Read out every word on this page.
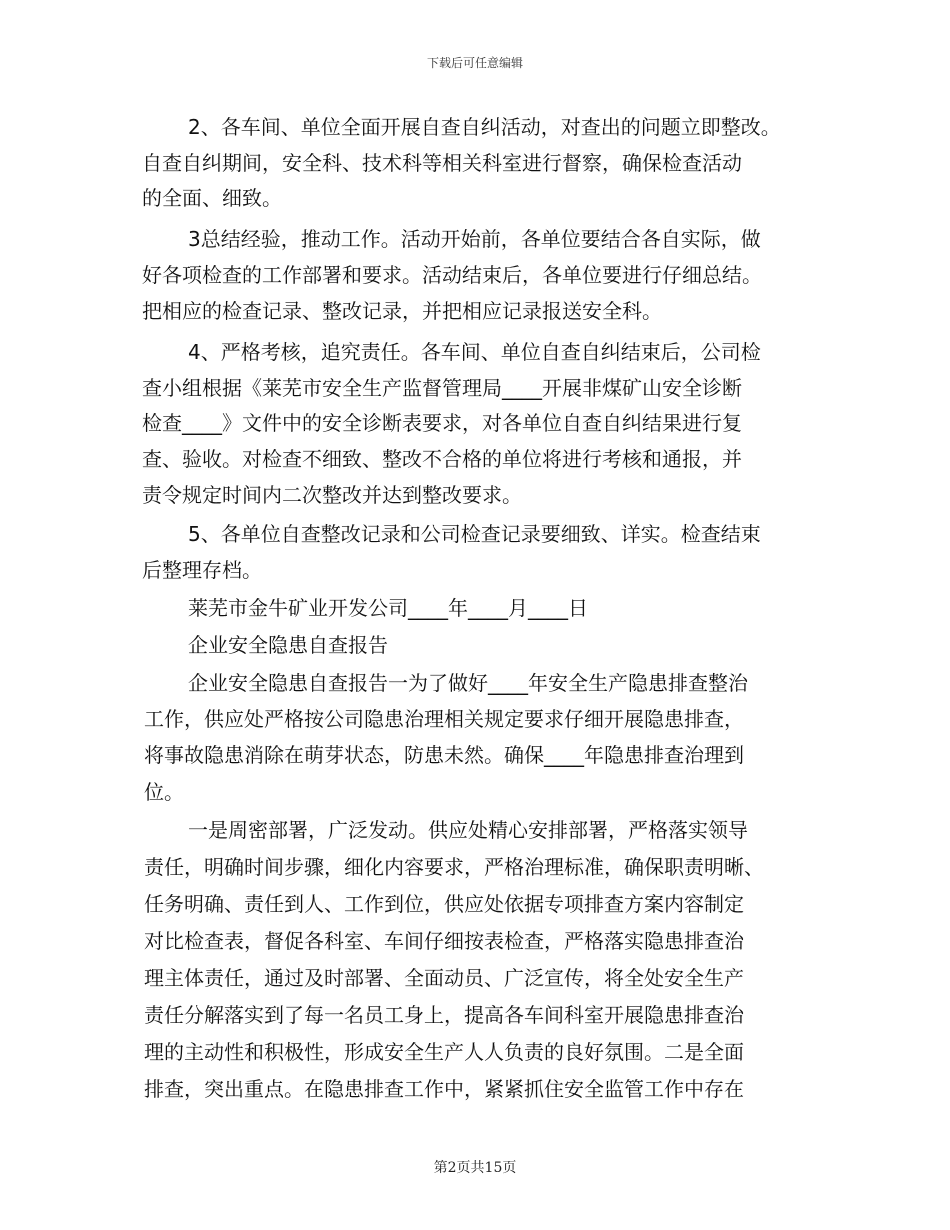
下载后可任意编辑
2、各车间、单位全面开展自查自纠活动，对查出的问题立即整改。
自查自纠期间，安全科、技术科等相关科室进行督察，确保检查活动
的全面、细致。
3总结经验，推动工作。活动开始前，各单位要结合各自实际，做
好各项检查的工作部署和要求。活动结束后，各单位要进行仔细总结。
把相应的检查记录、整改记录，并把相应记录报送安全科。
4、严格考核，追究责任。各车间、单位自查自纠结束后，公司检
查小组根据《莱芜市安全生产监督管理局____开展非煤矿山安全诊断
检查____》文件中的安全诊断表要求，对各单位自查自纠结果进行复
查、验收。对检查不细致、整改不合格的单位将进行考核和通报，并
责令规定时间内二次整改并达到整改要求。
5、各单位自查整改记录和公司检查记录要细致、详实。检查结束
后整理存档。
莱芜市金牛矿业开发公司____年____月____日
企业安全隐患自查报告
企业安全隐患自查报告一为了做好____年安全生产隐患排查整治
工作，供应处严格按公司隐患治理相关规定要求仔细开展隐患排查，
将事故隐患消除在萌芽状态，防患未然。确保____年隐患排查治理到
位。
一是周密部署，广泛发动。供应处精心安排部署，严格落实领导
责任，明确时间步骤，细化内容要求，严格治理标准，确保职责明晰、
任务明确、责任到人、工作到位，供应处依据专项排查方案内容制定
对比检查表，督促各科室、车间仔细按表检查，严格落实隐患排查治
理主体责任，通过及时部署、全面动员、广泛宣传，将全处安全生产
责任分解落实到了每一名员工身上，提高各车间科室开展隐患排查治
理的主动性和积极性，形成安全生产人人负责的良好氛围。二是全面
排查，突出重点。在隐患排查工作中，紧紧抓住安全监管工作中存在
第2页共15页
